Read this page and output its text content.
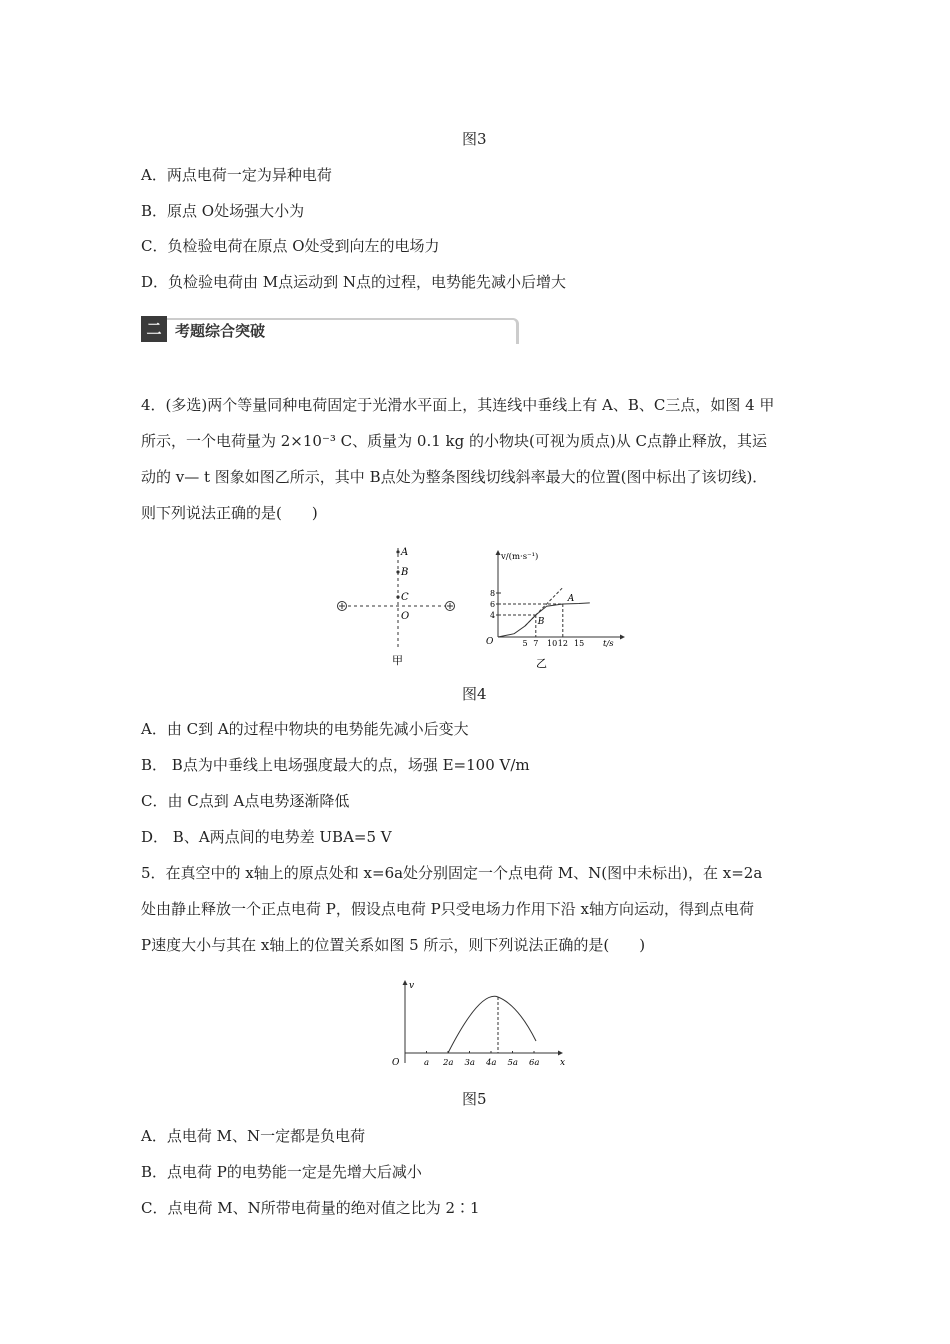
图3
A．两点电荷一定为异种电荷
B．原点 O处场强大小为
C．负检验电荷在原点 O处受到向左的电场力
D．负检验电荷由 M点运动到 N点的过程，电势能先减小后增大
二 考题综合突破
4．(多选)两个等量同种电荷固定于光滑水平面上，其连线中垂线上有 A、B、C三点，如图 4 甲
所示，一个电荷量为 2×10⁻³ C、质量为 0.1 kg 的小物块(可视为质点)从 C点静止释放，其运
动的 v— t 图象如图乙所示，其中 B点处为整条图线切线斜率最大的位置(图中标出了该切线)．
则下列说法正确的是(　　)
A
B
C
O
甲
v/(m·s⁻¹)
t/s
O
乙
5 7 10 12 15
4
6
8
B
A
图4
A．由 C到 A的过程中物块的电势能先减小后变大
B． B点为中垂线上电场强度最大的点，场强 E=100 V/m
C．由 C点到 A点电势逐渐降低
D． B、A两点间的电势差 UBA=5 V
5．在真空中的 x轴上的原点处和 x=6a处分别固定一个点电荷 M、N(图中未标出)，在 x=2a
处由静止释放一个正点电荷 P，假设点电荷 P只受电场力作用下沿 x轴方向运动，得到点电荷
P速度大小与其在 x轴上的位置关系如图 5 所示，则下列说法正确的是(　　)
v
O	x
a 2a 3a 4a 5a 6a
图5
A．点电荷 M、N一定都是负电荷
B．点电荷 P的电势能一定是先增大后减小
C．点电荷 M、N所带电荷量的绝对值之比为 2∶1
